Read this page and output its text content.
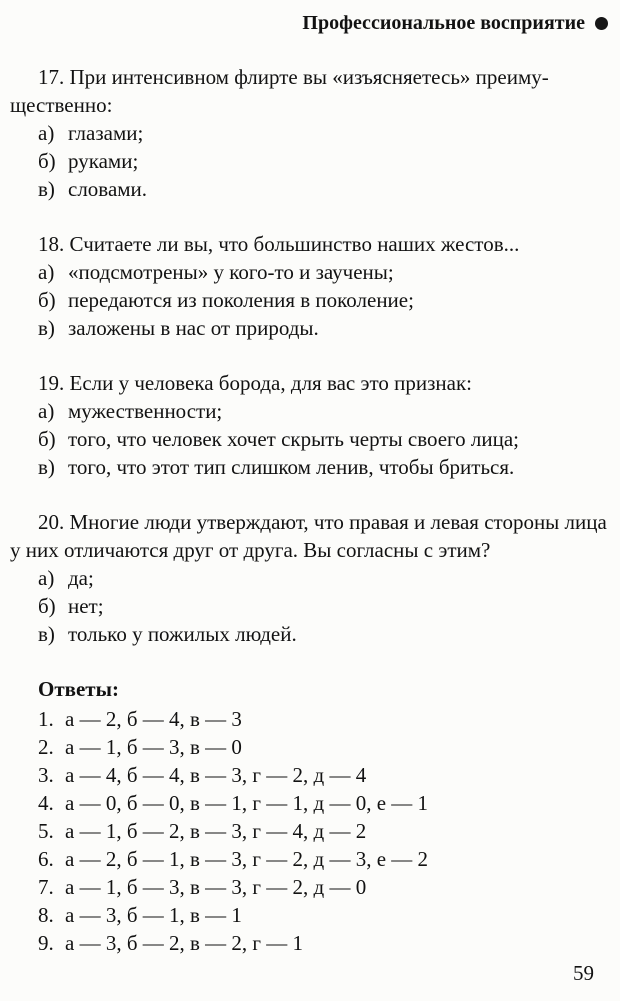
Профессиональное восприятие

17. При интенсивном флирте вы «изъясняетесь» преимущественно:

а) глазами;
б) руками;
в) словами.

18. Считаете ли вы, что большинство наших жестов...

а) «подсмотрены» у кого-то и заучены;
б) передаются из поколения в поколение;
в) заложены в нас от природы.

19. Если у человека борода, для вас это признак:

а) мужественности;
б) того, что человек хочет скрыть черты своего лица;
в) того, что этот тип слишком ленив, чтобы бриться.

20. Многие люди утверждают, что правая и левая стороны лица у них отличаются друг от друга. Вы согласны с этим?

а) да;
б) нет;
в) только у пожилых людей.

Ответы:

1. а — 2, б — 4, в — 3
2. а — 1, б — 3, в — 0
3. а — 4, б — 4, в — 3, г — 2, д — 4
4. а — 0, б — 0, в — 1, г — 1, д — 0, е — 1
5. а — 1, б — 2, в — 3, г — 4, д — 2
6. а — 2, б — 1, в — 3, г — 2, д — 3, е — 2
7. а — 1, б — 3, в — 3, г — 2, д — 0
8. а — 3, б — 1, в — 1
9. а — 3, б — 2, в — 2, г — 1
59
